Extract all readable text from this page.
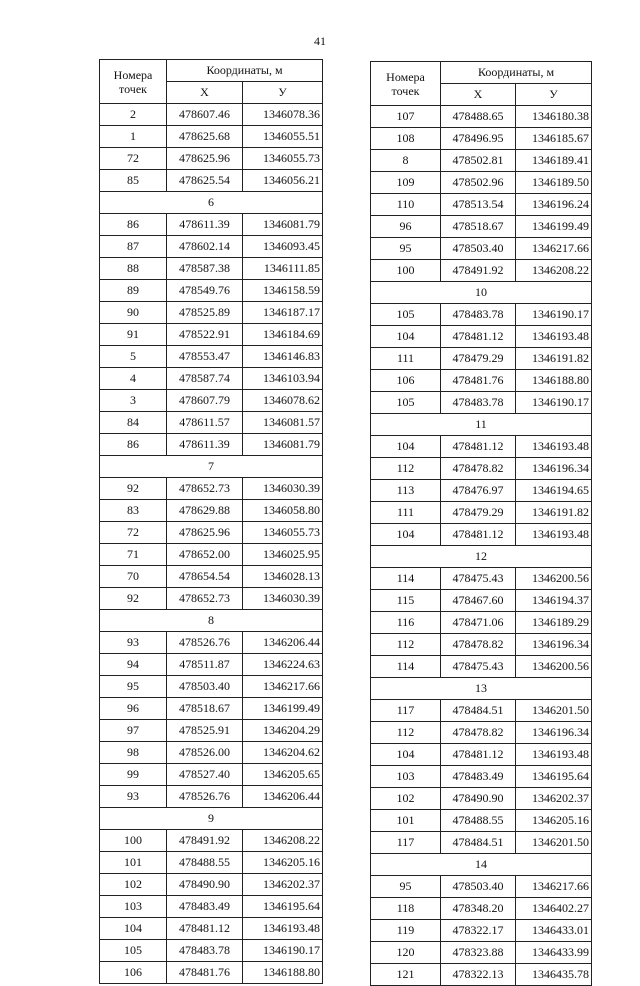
41
Номера
точек	Координаты, м	
	X	У
2	478607.46	1346078.36
1	478625.68	1346055.51
72	478625.96	1346055.73
85	478625.54	1346056.21
6		
86	478611.39	1346081.79
87	478602.14	1346093.45
88	478587.38	1346111.85
89	478549.76	1346158.59
90	478525.89	1346187.17
91	478522.91	1346184.69
5	478553.47	1346146.83
4	478587.74	1346103.94
3	478607.79	1346078.62
84	478611.57	1346081.57
86	478611.39	1346081.79
7		
92	478652.73	1346030.39
83	478629.88	1346058.80
72	478625.96	1346055.73
71	478652.00	1346025.95
70	478654.54	1346028.13
92	478652.73	1346030.39
8		
93	478526.76	1346206.44
94	478511.87	1346224.63
95	478503.40	1346217.66
96	478518.67	1346199.49
97	478525.91	1346204.29
98	478526.00	1346204.62
99	478527.40	1346205.65
93	478526.76	1346206.44
9		
100	478491.92	1346208.22
101	478488.55	1346205.16
102	478490.90	1346202.37
103	478483.49	1346195.64
104	478481.12	1346193.48
105	478483.78	1346190.17
106	478481.76	1346188.80
Номера
точек	Координаты, м	
	X	У
107	478488.65	1346180.38
108	478496.95	1346185.67
8	478502.81	1346189.41
109	478502.96	1346189.50
110	478513.54	1346196.24
96	478518.67	1346199.49
95	478503.40	1346217.66
100	478491.92	1346208.22
10		
105	478483.78	1346190.17
104	478481.12	1346193.48
111	478479.29	1346191.82
106	478481.76	1346188.80
105	478483.78	1346190.17
11		
104	478481.12	1346193.48
112	478478.82	1346196.34
113	478476.97	1346194.65
111	478479.29	1346191.82
104	478481.12	1346193.48
12		
114	478475.43	1346200.56
115	478467.60	1346194.37
116	478471.06	1346189.29
112	478478.82	1346196.34
114	478475.43	1346200.56
13		
117	478484.51	1346201.50
112	478478.82	1346196.34
104	478481.12	1346193.48
103	478483.49	1346195.64
102	478490.90	1346202.37
101	478488.55	1346205.16
117	478484.51	1346201.50
14		
95	478503.40	1346217.66
118	478348.20	1346402.27
119	478322.17	1346433.01
120	478323.88	1346433.99
121	478322.13	1346435.78
